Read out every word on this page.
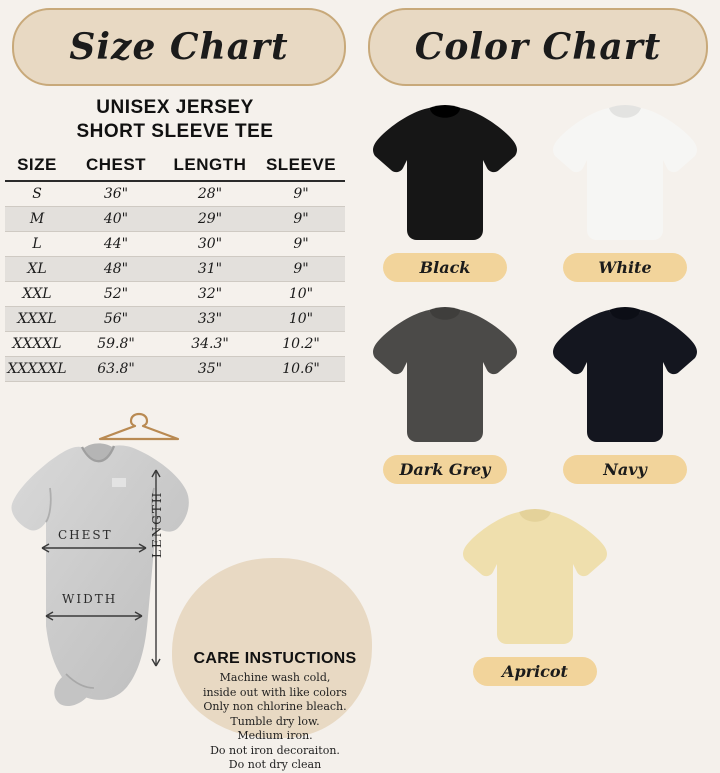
Size Chart	Color Chart
UNISEX JERSEY
SHORT SLEEVE TEE
SIZE	CHEST	LENGTH	SLEEVE
S	36"	28"	9"
M	40"	29"	9"
L	44"	30"	9"
XL	48"	31"	9"
XXL	52"	32"	10"
XXXL	56"	33"	10"
XXXXL	59.8"	34.3"	10.2"
XXXXXL	63.8"	35"	10.6"
CHEST
WIDTH
LENGTH
CARE INSTUCTIONS
Machine wash cold,
inside out with like colors
Only non chlorine bleach.
Tumble dry low.
Medium iron.
Do not iron decoraiton.
Do not dry clean
Black	White
Dark Grey	Navy
Apricot
